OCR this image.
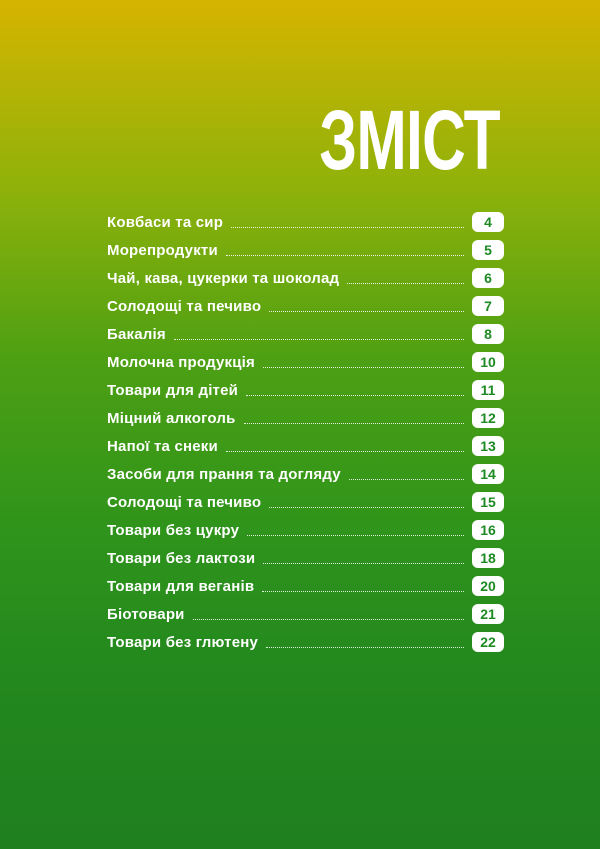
ЗМІСТ
Ковбаси та сир	4
Морепродукти	5
Чай, кава, цукерки та шоколад	6
Солодощі та печиво	7
Бакалія	8
Молочна продукція	10
Товари для дітей	11
Міцний алкоголь	12
Напої та снеки	13
Засоби для прання та догляду	14
Солодощі та печиво	15
Товари без цукру	16
Товари без лактози	18
Товари для веганів	20
Біотовари	21
Товари без глютену	22
